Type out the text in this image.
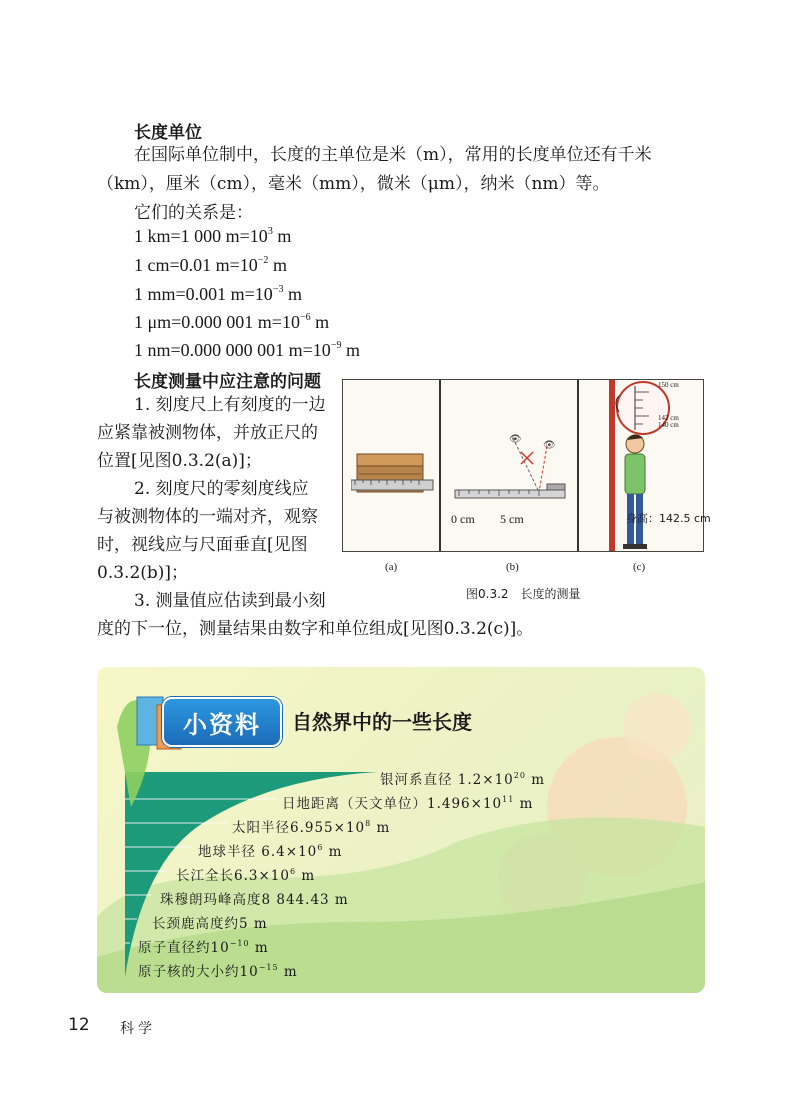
长度单位
在国际单位制中，长度的主单位是米（m），常用的长度单位还有千米
（km），厘米（cm），毫米（mm），微米（μm），纳米（nm）等。
它们的关系是：
1 km=1 000 $m=10^3$ m
1 cm=0.01 $m=10^{-2}$ m
1 mm=0.001 $m=10^{-3}$ m
1 μm=0.000 001 $m=10^{-6}$ m
1 nm=0.000 000 001 $m=10^{-9}$ m
长度测量中应注意的问题
1. 刻度尺上有刻度的一边
应紧靠被测物体，并放正尺的
位置[见图0.3.2(a)]；
2. 刻度尺的零刻度线应
与被测物体的一端对齐，观察
时，视线应与尺面垂直[见图
0.3.2(b)]；
3. 测量值应估读到最小刻
度的下一位，测量结果由数字和单位组成[见图0.3.2(c)]。
(a)
👁
👁
0 cm 5 cm
(b)
150 cm
142 cm
140 cm
身高：142.5 cm
(c)
图0.3.2　长度的测量
小资料	自然界中的一些长度
银河系直径 $1.2\times 10^{20}$ m
日地距离（天文单位）$1.496\times 10^{11}$ m
太阳半径$6.955\times 10^8$ m
地球半径 $6.4\times 10^6$ m
长江全长$6.3\times 10^6$ m
珠穆朗玛峰高度8 844.43 m
长颈鹿高度约5 m
原子直径约$10^{-10}$ m
原子核的大小约$10^{-15}$ m
12 科学
